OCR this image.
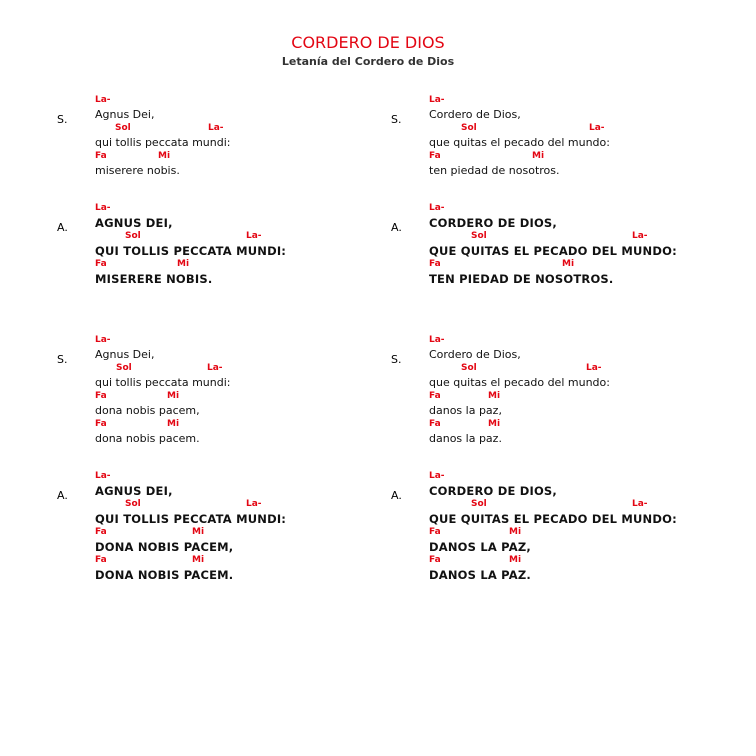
CORDERO DE DIOS
Letanía del Cordero de Dios
S.
La-
Agnus Dei,
Sol	La-
qui tollis peccata mundi:
Fa	Mi
miserere nobis.
S.
La-
Cordero de Dios,
Sol	La-
que quitas el pecado del mundo:
Fa	Mi
ten piedad de nosotros.
A.
La-
AGNUS DEI,
Sol	La-
QUI TOLLIS PECCATA MUNDI:
Fa	Mi
MISERERE NOBIS.
A.
La-
CORDERO DE DIOS,
Sol	La-
QUE QUITAS EL PECADO DEL MUNDO:
Fa	Mi
TEN PIEDAD DE NOSOTROS.
S.
La-
Agnus Dei,
Sol	La-
qui tollis peccata mundi:
Fa	Mi
dona nobis pacem,
Fa	Mi
dona nobis pacem.
S.
La-
Cordero de Dios,
Sol	La-
que quitas el pecado del mundo:
Fa	Mi
danos la paz,
Fa	Mi
danos la paz.
A.
La-
AGNUS DEI,
Sol	La-
QUI TOLLIS PECCATA MUNDI:
Fa	Mi
DONA NOBIS PACEM,
Fa	Mi
DONA NOBIS PACEM.
A.
La-
CORDERO DE DIOS,
Sol	La-
QUE QUITAS EL PECADO DEL MUNDO:
Fa	Mi
DANOS LA PAZ,
Fa	Mi
DANOS LA PAZ.
